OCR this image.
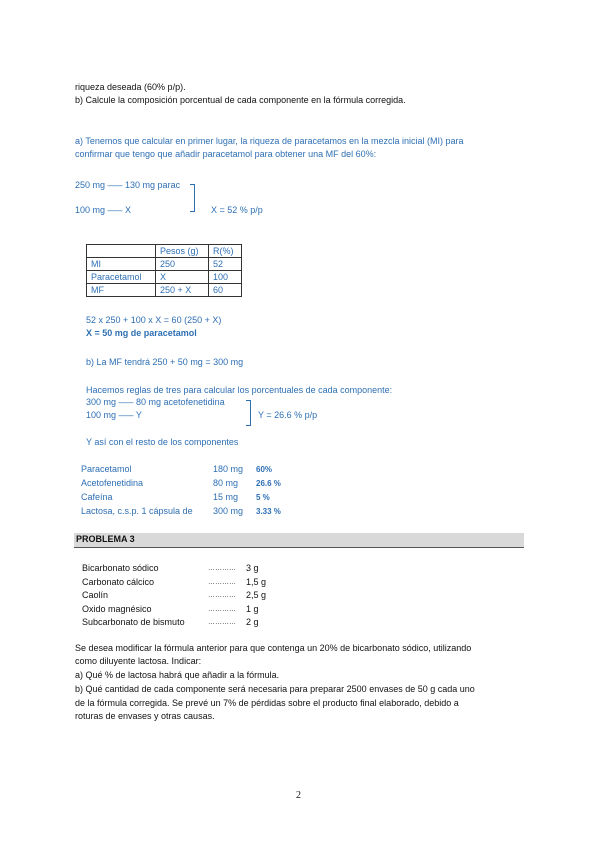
riqueza deseada (60% p/p).
b) Calcule la composición porcentual de cada componente en la fórmula corregida.
a) Tenemos que calcular en primer lugar, la riqueza de paracetamos en la mezcla inicial (MI) para
confirmar que tengo que añadir paracetamol para obtener una MF del 60%:
250 mg ––– 130 mg parac
100 mg ––– X	X = 52 % p/p
	Pesos (g)	R(%)
MI	250	52
Paracetamol	X	100
MF	250 + X	60
52 x 250 + 100 x X = 60 (250 + X)
X = 50 mg de paracetamol
b) La MF tendrá 250 + 50 mg = 300 mg
Hacemos reglas de tres para calcular los porcentuales de cada componente:
300 mg ––– 80 mg acetofenetidina
100 mg ––– Y	Y = 26.6 % p/p
Y así con el resto de los componentes
Paracetamol	180 mg 60%
Acetofenetidina	80 mg 26.6 %
Cafeína	15 mg 5 %
Lactosa, c.s.p. 1 cápsula de 300 mg 3.33 %
PROBLEMA 3
Bicarbonato sódico	………… 3 g
Carbonato cálcico	………… 1,5 g
Caolín	………… 2,5 g
Oxido magnésico	………… 1 g
Subcarbonato de bismuto	………… 2 g
Se desea modificar la fórmula anterior para que contenga un 20% de bicarbonato sódico, utilizando
como diluyente lactosa. Indicar:
a) Qué % de lactosa habrá que añadir a la fórmula.
b) Qué cantidad de cada componente será necesaria para preparar 2500 envases de 50 g cada uno
de la fórmula corregida. Se prevé un 7% de pérdidas sobre el producto final elaborado, debido a
roturas de envases y otras causas.
2
